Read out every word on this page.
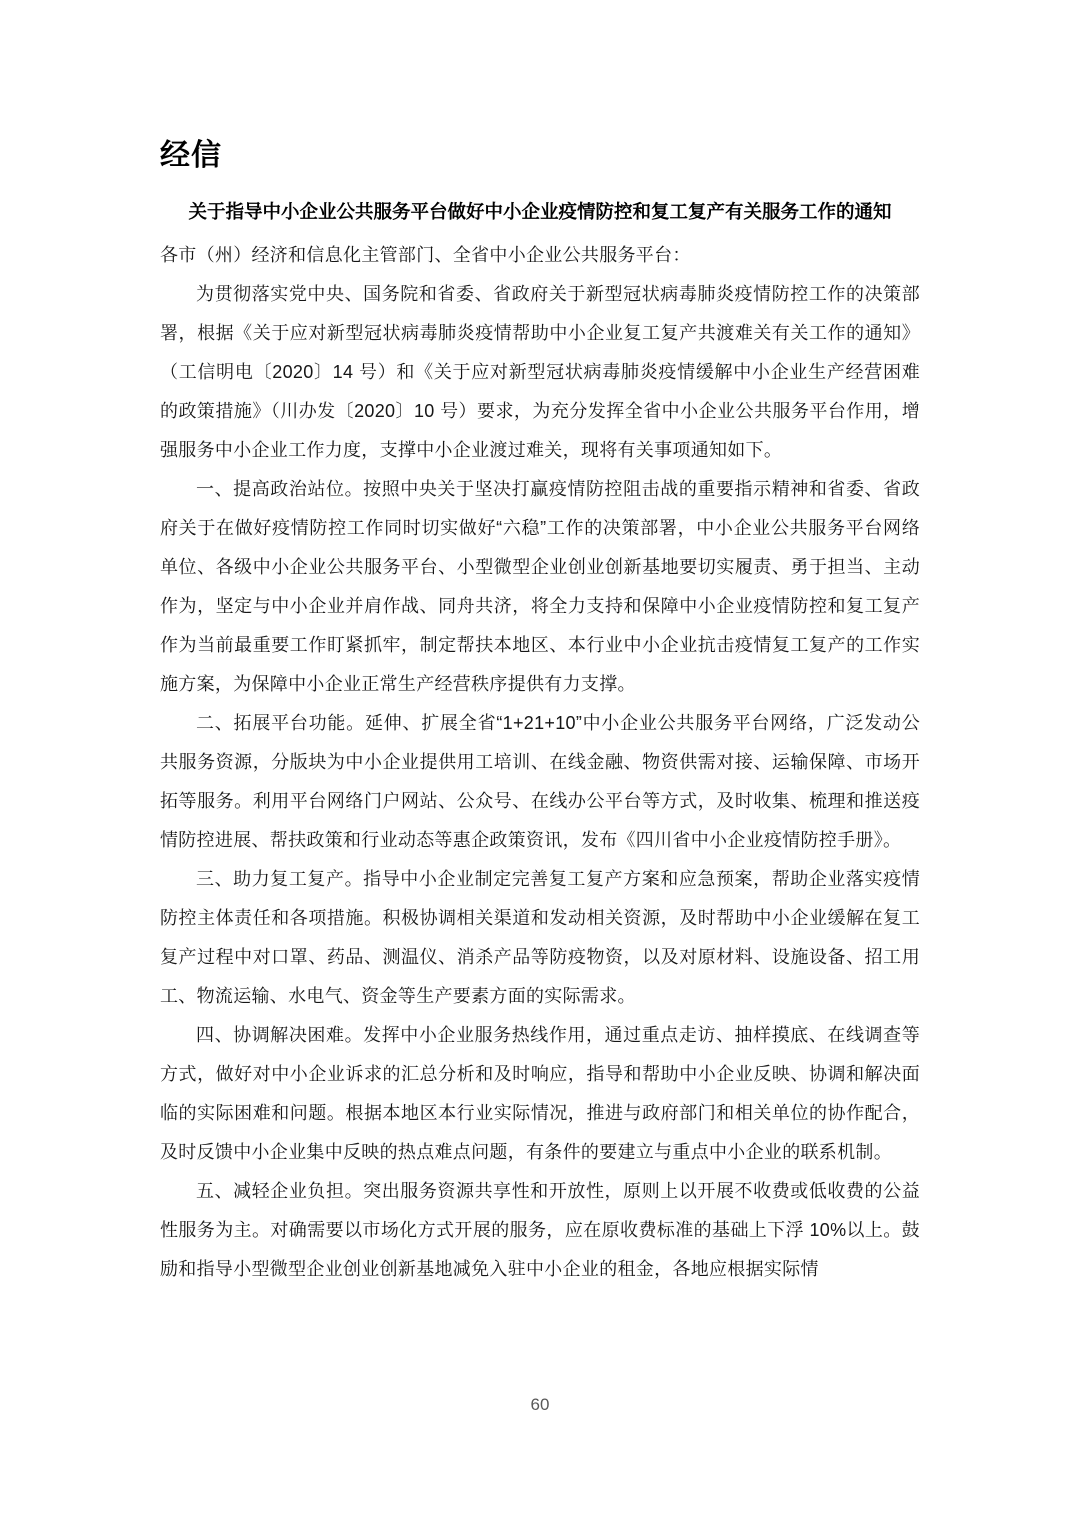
经信
关于指导中小企业公共服务平台做好中小企业疫情防控和复工复产有关服务工作的通知
各市（州）经济和信息化主管部门、全省中小企业公共服务平台：

为贯彻落实党中央、国务院和省委、省政府关于新型冠状病毒肺炎疫情防控工作的决策部署，根据《关于应对新型冠状病毒肺炎疫情帮助中小企业复工复产共渡难关有关工作的通知》（工信明电〔2020〕14 号）和《关于应对新型冠状病毒肺炎疫情缓解中小企业生产经营困难的政策措施》（川办发〔2020〕10 号）要求，为充分发挥全省中小企业公共服务平台作用，增强服务中小企业工作力度，支撑中小企业渡过难关，现将有关事项通知如下。

一、提高政治站位。按照中央关于坚决打赢疫情防控阻击战的重要指示精神和省委、省政府关于在做好疫情防控工作同时切实做好“六稳”工作的决策部署，中小企业公共服务平台网络单位、各级中小企业公共服务平台、小型微型企业创业创新基地要切实履责、勇于担当、主动作为，坚定与中小企业并肩作战、同舟共济，将全力支持和保障中小企业疫情防控和复工复产作为当前最重要工作盯紧抓牢，制定帮扶本地区、本行业中小企业抗击疫情复工复产的工作实施方案，为保障中小企业正常生产经营秩序提供有力支撑。

二、拓展平台功能。延伸、扩展全省“1+21+10”中小企业公共服务平台网络，广泛发动公共服务资源，分版块为中小企业提供用工培训、在线金融、物资供需对接、运输保障、市场开拓等服务。利用平台网络门户网站、公众号、在线办公平台等方式，及时收集、梳理和推送疫情防控进展、帮扶政策和行业动态等惠企政策资讯，发布《四川省中小企业疫情防控手册》。

三、助力复工复产。指导中小企业制定完善复工复产方案和应急预案，帮助企业落实疫情防控主体责任和各项措施。积极协调相关渠道和发动相关资源，及时帮助中小企业缓解在复工复产过程中对口罩、药品、测温仪、消杀产品等防疫物资，以及对原材料、设施设备、招工用工、物流运输、水电气、资金等生产要素方面的实际需求。

四、协调解决困难。发挥中小企业服务热线作用，通过重点走访、抽样摸底、在线调查等方式，做好对中小企业诉求的汇总分析和及时响应，指导和帮助中小企业反映、协调和解决面临的实际困难和问题。根据本地区本行业实际情况，推进与政府部门和相关单位的协作配合，及时反馈中小企业集中反映的热点难点问题，有条件的要建立与重点中小企业的联系机制。

五、减轻企业负担。突出服务资源共享性和开放性，原则上以开展不收费或低收费的公益性服务为主。对确需要以市场化方式开展的服务，应在原收费标准的基础上下浮 10%以上。鼓励和指导小型微型企业创业创新基地减免入驻中小企业的租金，各地应根据实际情

60
